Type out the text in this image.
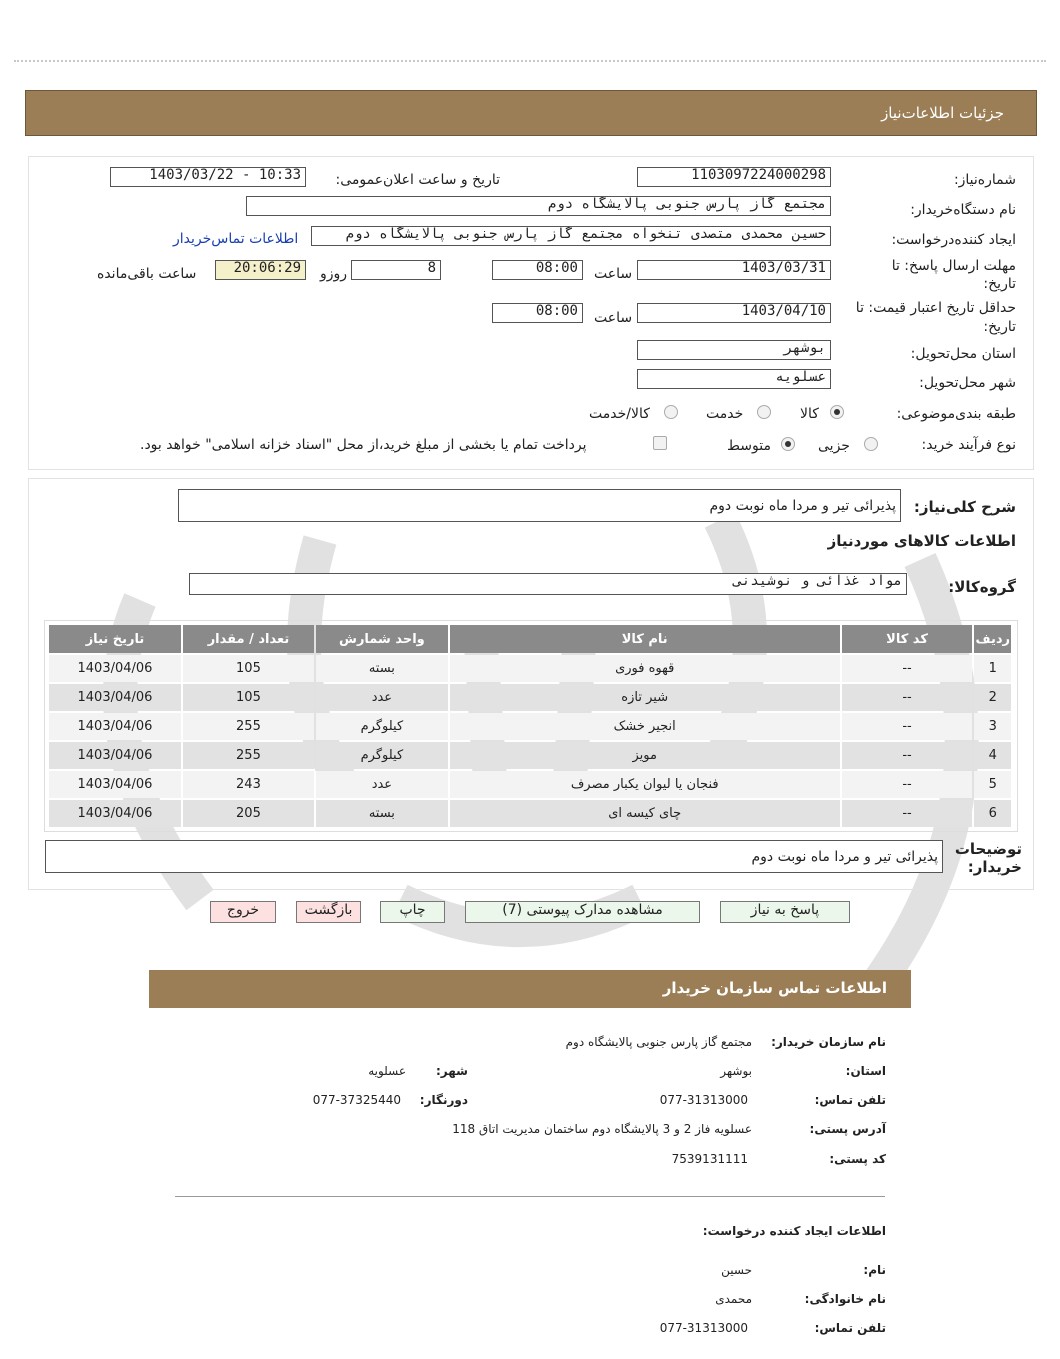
جزئیات اطلاعات‌نیاز
شماره‌نیاز:
1103097224000298
تاریخ و ساعت اعلان‌عمومی:
1403/03/22 - 10:33
نام دستگاه‌خریدار:
مجتمع گاز پارس جنوبی پالایشگاه دوم
ایجاد کننده‌درخواست:
حسین محمدی متصدی تنخواه مجتمع گاز پارس جنوبی پالایشگاه دوم
اطلاعات تماس‌خریدار
مهلت ارسال پاسخ: تا
تاریخ:
1403/03/31
ساعت
08:00
8
روزو
20:06:29
ساعت باقی‌مانده
حداقل تاریخ اعتبار قیمت: تا
تاریخ:
1403/04/10
ساعت
08:00
استان محل‌تحویل:
بوشهر
شهر محل‌تحویل:
عسلویه
طبقه بندی‌موضوعی:
کالا
خدمت
کالا/خدمت
نوع فرآیند خرید:
جزیی
متوسط
پرداخت تمام یا بخشی از مبلغ خرید،از محل "اسناد خزانه اسلامی" خواهد بود.
شرح کلی‌نیاز:
پذیرائی تیر و مردا ماه نوبت دوم
اطلاعات کالاهای موردنیاز
گروه‌کالا:
مواد غذائی و نوشیدنی
ردیف	کد کالا	نام کالا	واحد شمارش	تعداد / مقدار	تاریخ نیاز
1	--	قهوه فوری	بسته	105	1403/04/06
2	--	شیر تازه	عدد	105	1403/04/06
3	--	انجیر خشک	کیلوگرم	255	1403/04/06
4	--	مویز	کیلوگرم	255	1403/04/06
5	--	فنجان یا لیوان یکبار مصرف	عدد	243	1403/04/06
6	--	چای کیسه ای	بسته	205	1403/04/06
توضیحات
خریدار:
پذیرائی تیر و مردا ماه نوبت دوم
پاسخ به نیاز
مشاهده مدارک پیوستی (7)
چاپ
بازگشت
خروج
اطلاعات تماس سازمان خریدار
نام سازمان خریدار:
مجتمع گاز پارس جنوبی پالایشگاه دوم
استان:
بوشهر
شهر:
عسلویه
تلفن تماس:
077-31313000
دورنگار:
077-37325440
آدرس پستی:
عسلویه فاز 2 و 3 پالایشگاه دوم ساختمان مدیریت اتاق 118
کد پستی:
7539131111
اطلاعات ایجاد کننده درخواست:
نام:
حسین
نام خانوادگی:
محمدی
تلفن تماس:
077-31313000
